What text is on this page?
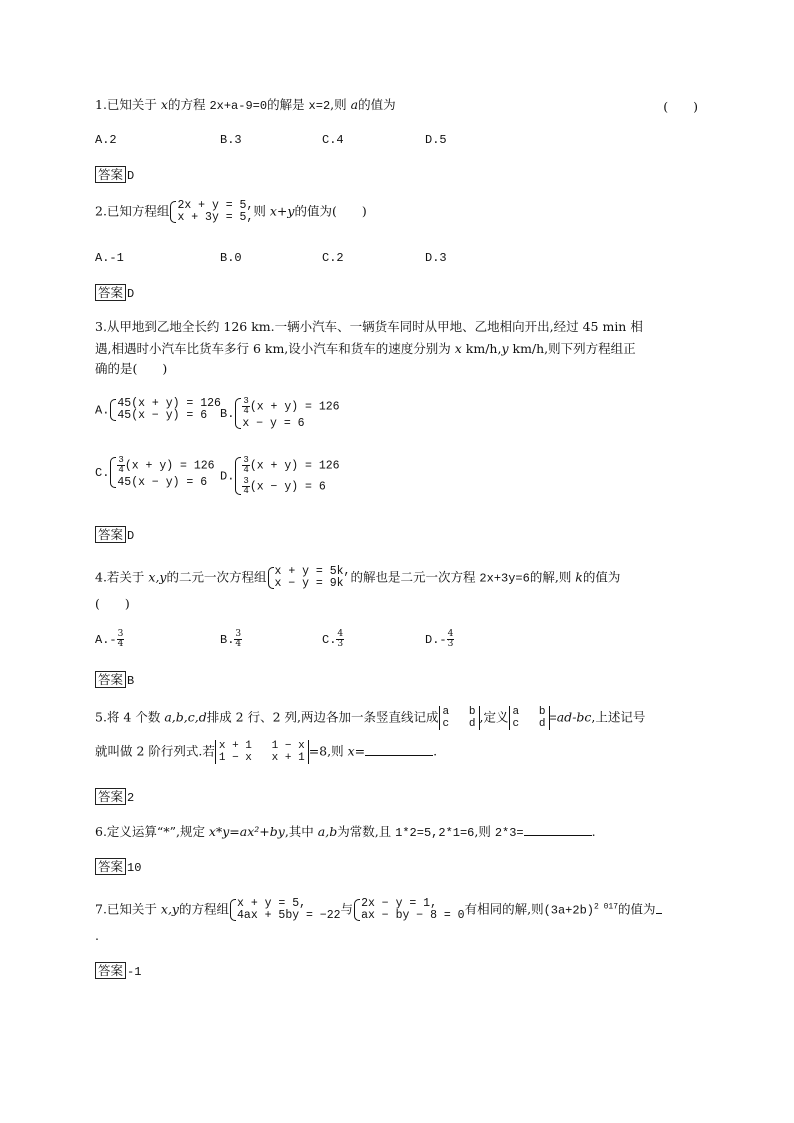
1.已知关于 x的方程 2x+a-9=0的解是 x=2,则 a的值为	(　　)
A.2	B.3	C.4	D.5
答案 D
2.已知方程组 2x + y = 5,
x + 3y = 5, 则 x+y的值为(　　)
A.-1	B.0	C.2	D.3
答案 D
3.从甲地到乙地全长约 126 km.一辆小汽车、一辆货车同时从甲地、乙地相向开出,经过 45 min 相
遇,相遇时小汽车比货车多行 6 km,设小汽车和货车的速度分别为 x km/h,y km/h,则下列方程组正
确的是(　　)
A. 45(x + y) = 126
45(x − y) = 6	B. $\frac{3}{4} (x + y) = 126$
x − y = 6
C. $\frac{3}{4} (x + y) = 126$
45(x − y) = 6	D.
$\frac{3}{4} (x + y) = 126$
$\frac{3}{4} (x - y) = 6$
答案 D
4.若关于 x,y的二元一次方程组 x + y = 5k,
x − y = 9k 的解也是二元一次方程 2x+3y=6的解,则 k的值为
(　　)
$A.- \frac{3}{4}$	B. $\frac{3}{4}$	C. $\frac{4}{3}$	$D.- \frac{4}{3}$
答案 B
5.将 4 个数 a,b,c,d排成 2 行、2 列,两边各加一条竖直线记成 a   b
c   d ,定义 a   b
c   d =ad-bc,上述记号
就叫做 2 阶行列式.若 x + 1   1 − x
1 − x   x + 1 =8,则 x=	.
答案 2
6.定义运算“*”,规定 x*y=ax²+by,其中 a,b为常数,且 1*2=5,2*1=6,则 2*3=	.
答案 10
7.已知关于 x,y的方程组 x + y = 5,
4ax + 5by = −22 与 2x − y = 1,
ax − by − 8 = 0 有相同的解,则$(3a+2b)^{2 017}$的值为
.
答案 -1
